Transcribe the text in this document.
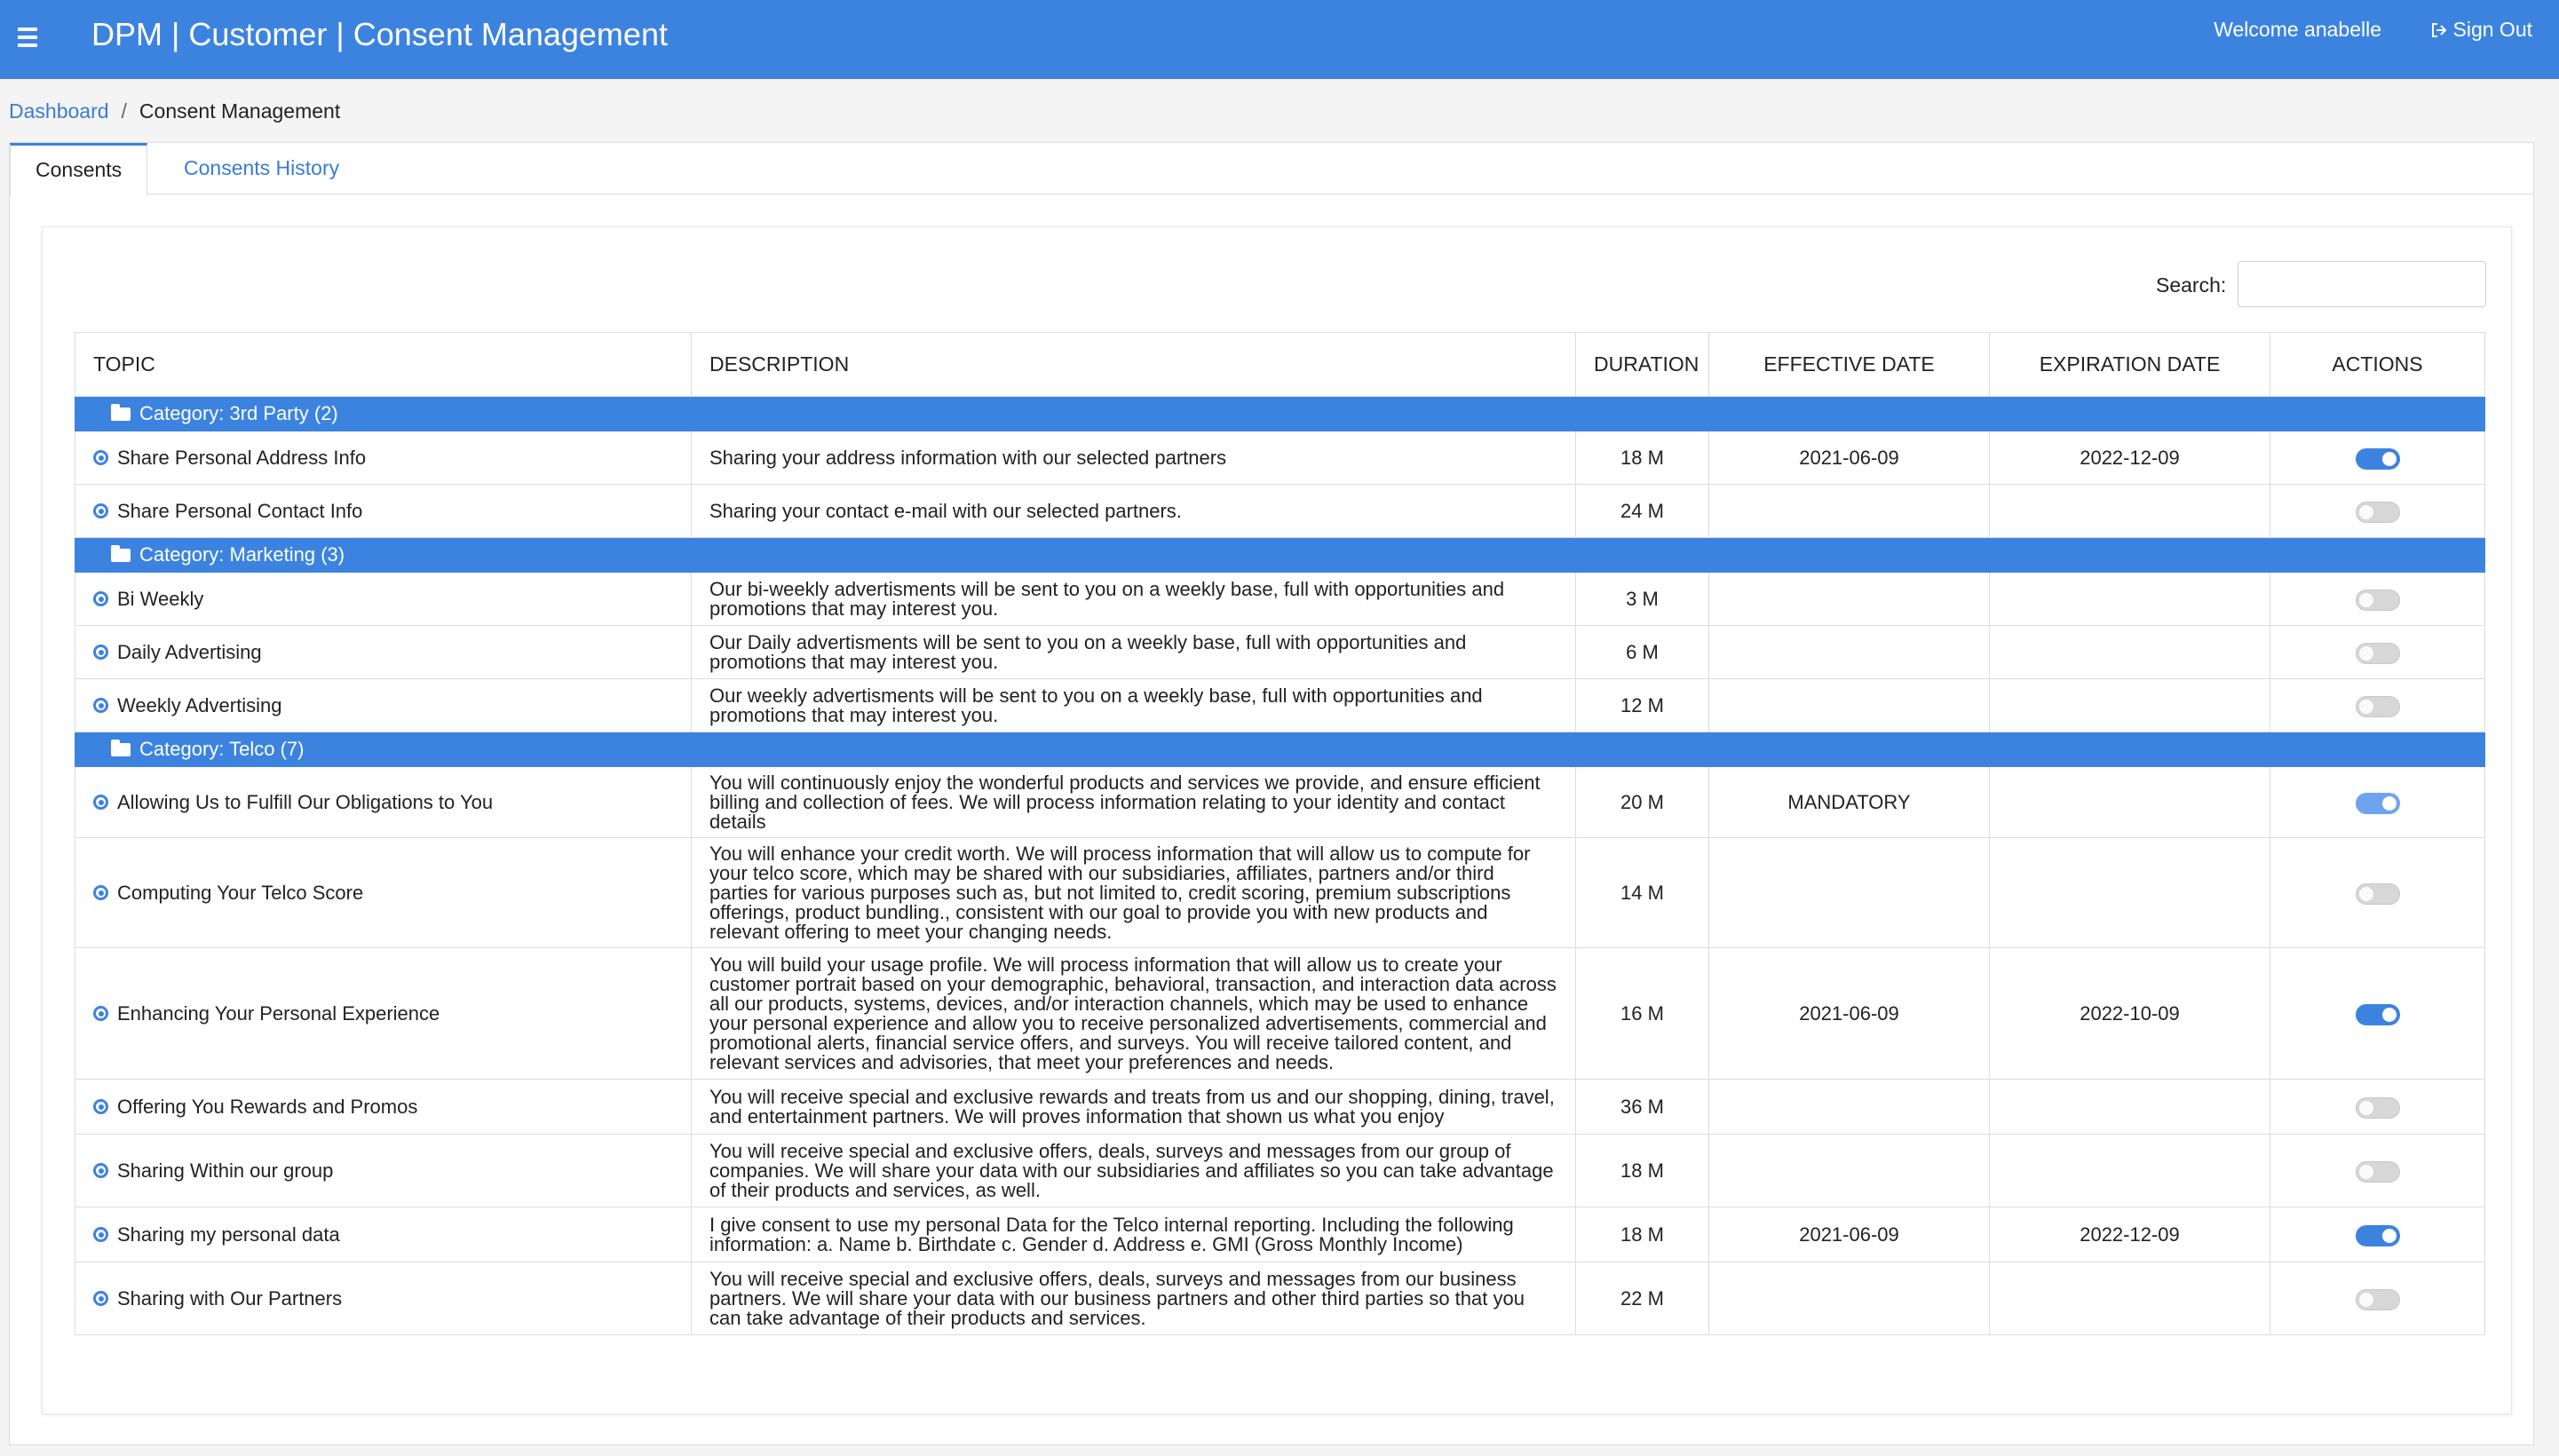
DPM | Customer | Consent Management	Welcome anabelle	Sign Out
Dashboard / Consent Management
Consents	Consents History
Search:
TOPIC	DESCRIPTION	DURATION	EFFECTIVE DATE	EXPIRATION DATE	ACTIONS
Category: 3rd Party (2)					

Share Personal Address Info	Sharing your address information with our selected partners	18 M	2021-06-09	2022-12-09	

Share Personal Contact Info	Sharing your contact e-mail with our selected partners.	24 M			
Category: Marketing (3)					

Bi Weekly	Our bi-weekly advertisments will be sent to you on a weekly base, full with opportunities and promotions that may interest you.	3 M			

Daily Advertising	Our Daily advertisments will be sent to you on a weekly base, full with opportunities and promotions that may interest you.	6 M			

Weekly Advertising	Our weekly advertisments will be sent to you on a weekly base, full with opportunities and promotions that may interest you.	12 M			
Category: Telco (7)					

Allowing Us to Fulfill Our Obligations to You	You will continuously enjoy the wonderful products and services we provide, and ensure efficient billing and collection of fees. We will process information relating to your identity and contact details	20 M	MANDATORY		

Computing Your Telco Score	You will enhance your credit worth. We will process information that will allow us to compute for your telco score, which may be shared with our subsidiaries, affiliates, partners and/or third parties for various purposes such as, but not limited to, credit scoring, premium subscriptions offerings, product bundling., consistent with our goal to provide you with new products and relevant offering to meet your changing needs.	14 M			

Enhancing Your Personal Experience	You will build your usage profile. We will process information that will allow us to create your customer portrait based on your demographic, behavioral, transaction, and interaction data across all our products, systems, devices, and/or interaction channels, which may be used to enhance your personal experience and allow you to receive personalized advertisements, commercial and promotional alerts, financial service offers, and surveys. You will receive tailored content, and relevant services and advisories, that meet your preferences and needs.	16 M	2021-06-09	2022-10-09	

Offering You Rewards and Promos	You will receive special and exclusive rewards and treats from us and our shopping, dining, travel, and entertainment partners. We will proves information that shown us what you enjoy	36 M			

Sharing Within our group	You will receive special and exclusive offers, deals, surveys and messages from our group of companies. We will share your data with our subsidiaries and affiliates so you can take advantage of their products and services, as well.	18 M			

Sharing my personal data	I give consent to use my personal Data for the Telco internal reporting. Including the following information: a. Name b. Birthdate c. Gender d. Address e. GMI (Gross Monthly Income)	18 M	2021-06-09	2022-12-09	

Sharing with Our Partners	You will receive special and exclusive offers, deals, surveys and messages from our business partners. We will share your data with our business partners and other third parties so that you can take advantage of their products and services.	22 M			
